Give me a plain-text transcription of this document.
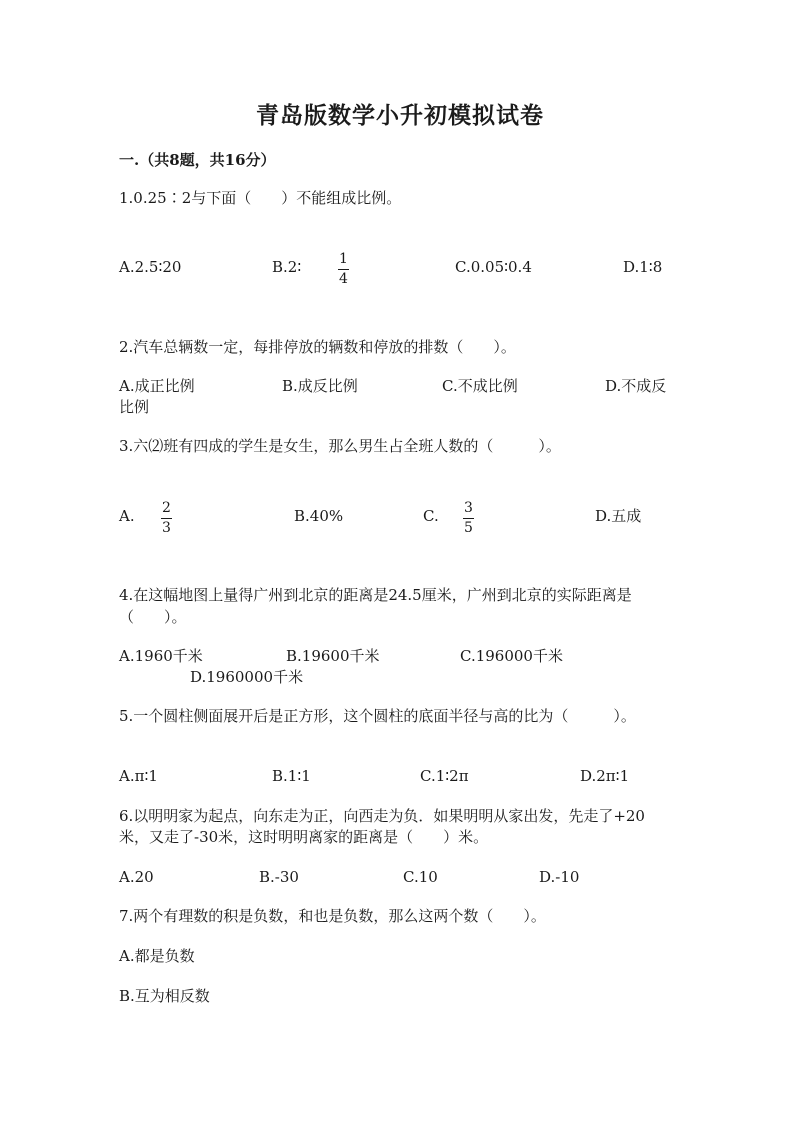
青岛版数学小升初模拟试卷
一.（共8题，共16分）
1.0.25∶2与下面（　　）不能组成比例。
A.2.5∶20	B.2∶	1
4
C.0.05∶0.4	D.1∶8
2.汽车总辆数一定，每排停放的辆数和停放的排数（　　）。
A.成正比例	B.成反比例	C.不成比例	D.不成反
比例
3.六⑵班有四成的学生是女生，那么男生占全班人数的（　　　）。
A. 2
3
B.40%	C. 3
5
D.五成
4.在这幅地图上量得广州到北京的距离是24.5厘米，广州到北京的实际距离是
（　　）。
A.1960千米	B.19600千米	C.196000千米
D.1960000千米
5.一个圆柱侧面展开后是正方形，这个圆柱的底面半径与高的比为（　　　）。
A.π∶1	B.1∶1	C.1∶2π	D.2π∶1
6.以明明家为起点，向东走为正，向西走为负．如果明明从家出发，先走了+20
米，又走了-30米，这时明明离家的距离是（　　）米。
A.20	B.-30	C.10	D.-10
7.两个有理数的积是负数，和也是负数，那么这两个数（　　）。
A.都是负数
B.互为相反数
